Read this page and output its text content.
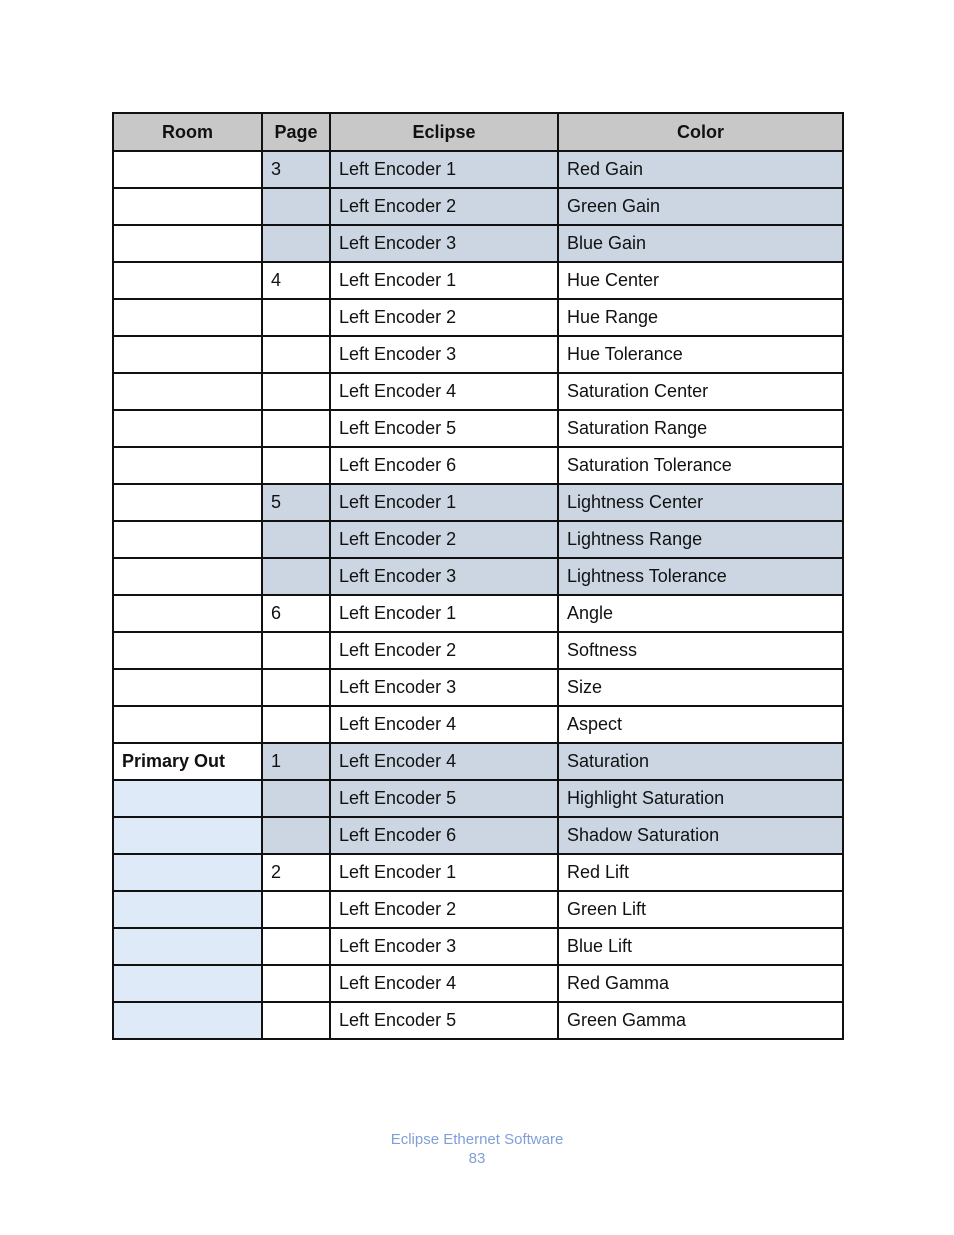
Room	Page	Eclipse	Color
	3	Left Encoder 1	Red Gain
		Left Encoder 2	Green Gain
		Left Encoder 3	Blue Gain
	4	Left Encoder 1	Hue Center
		Left Encoder 2	Hue Range
		Left Encoder 3	Hue Tolerance
		Left Encoder 4	Saturation Center
		Left Encoder 5	Saturation Range
		Left Encoder 6	Saturation Tolerance
	5	Left Encoder 1	Lightness Center
		Left Encoder 2	Lightness Range
		Left Encoder 3	Lightness Tolerance
	6	Left Encoder 1	Angle
		Left Encoder 2	Softness
		Left Encoder 3	Size
		Left Encoder 4	Aspect
Primary Out	1	Left Encoder 4	Saturation
		Left Encoder 5	Highlight Saturation
		Left Encoder 6	Shadow Saturation
	2	Left Encoder 1	Red Lift
		Left Encoder 2	Green Lift
		Left Encoder 3	Blue Lift
		Left Encoder 4	Red Gamma
		Left Encoder 5	Green Gamma
Eclipse Ethernet Software
83
